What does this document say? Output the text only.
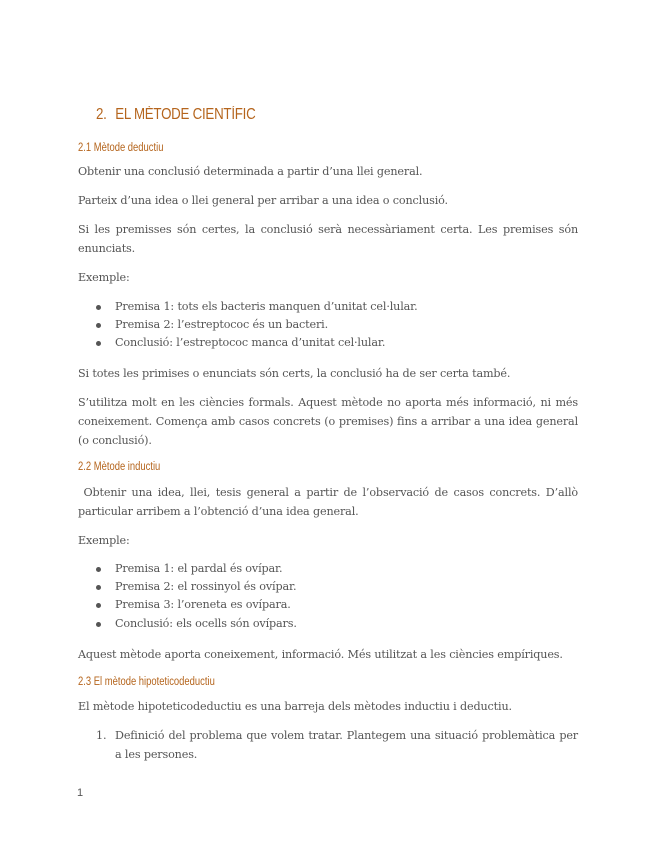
2. EL MÈTODE CIENTÍFIC
2.1 Mètode deductiu
Obtenir una conclusió determinada a partir d’una llei general.
Parteix d’una idea o llei general per arribar a una idea o conclusió.
Si les premisses són certes, la conclusió serà necessàriament certa. Les premises són enunciats.
Exemple:
Premisa 1: tots els bacteris manquen d’unitat cel·lular.
Premisa 2: l’estreptococ és un bacteri.
Conclusió: l’estreptococ manca d’unitat cel·lular.
Si totes les primises o enunciats són certs, la conclusió ha de ser certa també.
S’utilitza molt en les ciències formals. Aquest mètode no aporta més informació, ni més coneixement. Comença amb casos concrets (o premises) fins a arribar a una idea general (o conclusió).
2.2 Mètode inductiu
Obtenir una idea, llei, tesis general a partir de l’observació de casos concrets. D’allò particular arribem a l’obtenció d’una idea general.
Exemple:
Premisa 1: el pardal és ovípar.
Premisa 2: el rossinyol és ovípar.
Premisa 3: l’oreneta es ovípara.
Conclusió: els ocells són ovípars.
Aquest mètode aporta coneixement, informació. Més utilitzat a les ciències empíriques.
2.3 El mètode hipoteticodeductiu
El mètode hipoteticodeductiu es una barreja dels mètodes inductiu i deductiu.
1. Definició del problema que volem tratar. Plantegem una situació problemàtica per a les persones.
1
